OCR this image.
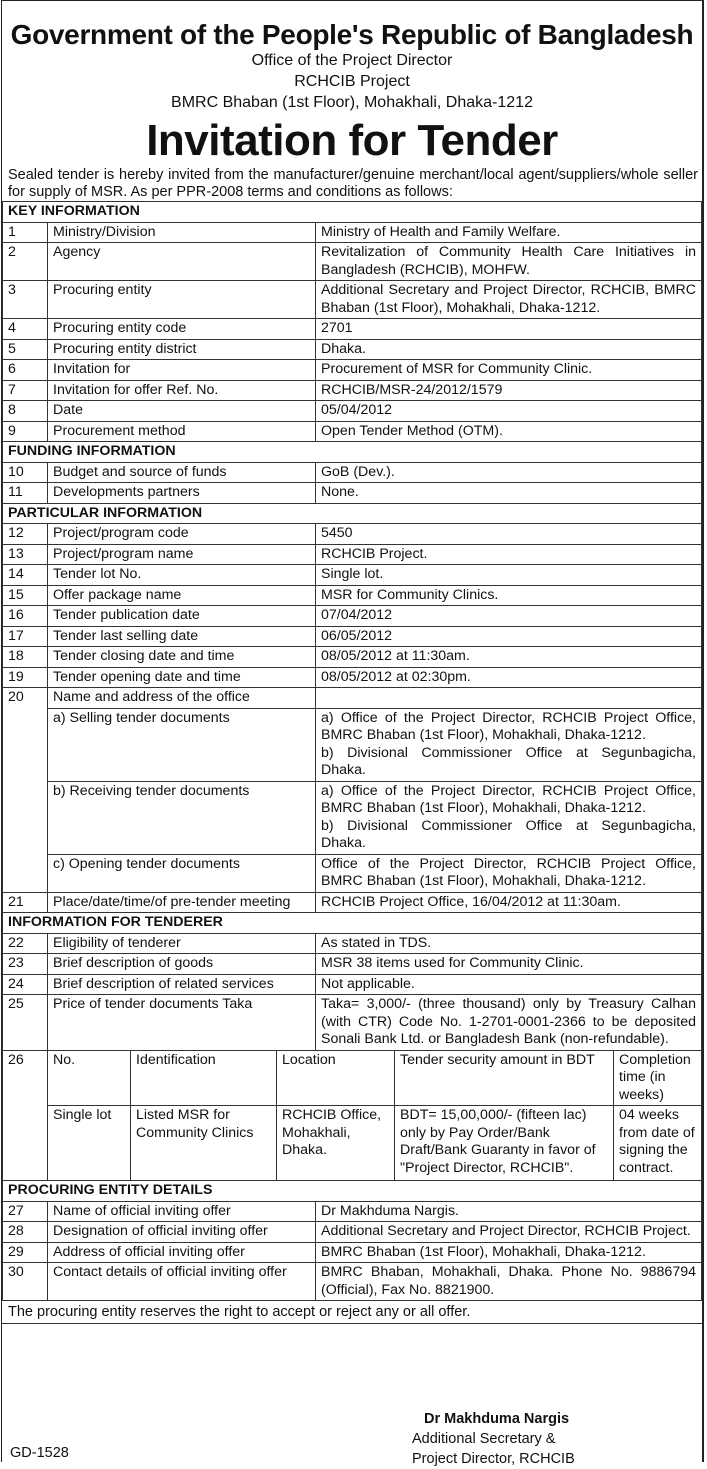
Government of the People's Republic of Bangladesh
Office of the Project Director
RCHCIB Project
BMRC Bhaban (1st Floor), Mohakhali, Dhaka-1212
Invitation for Tender
Sealed tender is hereby invited from the manufacturer/genuine merchant/local agent/suppliers/whole seller for supply of MSR. As per PPR-2008 terms and conditions as follows:
KEY INFORMATION
1	Ministry/Division	Ministry of Health and Family Welfare.
2	Agency	Revitalization of Community Health Care Initiatives in Bangladesh (RCHCIB), MOHFW.
3	Procuring entity	Additional Secretary and Project Director, RCHCIB, BMRC Bhaban (1st Floor), Mohakhali, Dhaka-1212.
4	Procuring entity code	2701
5	Procuring entity district	Dhaka.
6	Invitation for	Procurement of MSR for Community Clinic.
7	Invitation for offer Ref. No.	RCHCIB/MSR-24/2012/1579
8	Date	05/04/2012
9	Procurement method	Open Tender Method (OTM).
FUNDING INFORMATION
10	Budget and source of funds	GoB (Dev.).
11	Developments partners	None.
PARTICULAR INFORMATION
12	Project/program code	5450
13	Project/program name	RCHCIB Project.
14	Tender lot No.	Single lot.
15	Offer package name	MSR for Community Clinics.
16	Tender publication date	07/04/2012
17	Tender last selling date	06/05/2012
18	Tender closing date and time	08/05/2012 at 11:30am.
19	Tender opening date and time	08/05/2012 at 02:30pm.
20	Name and address of the office	
a) Selling tender documents	a) Office of the Project Director, RCHCIB Project Office, BMRC Bhaban (1st Floor), Mohakhali, Dhaka-1212.
b) Divisional Commissioner Office at Segunbagicha, Dhaka.

b) Receiving tender documents	a) Office of the Project Director, RCHCIB Project Office, BMRC Bhaban (1st Floor), Mohakhali, Dhaka-1212.
b) Divisional Commissioner Office at Segunbagicha, Dhaka.

c) Opening tender documents	Office of the Project Director, RCHCIB Project Office, BMRC Bhaban (1st Floor), Mohakhali, Dhaka-1212.
21	Place/date/time/of pre-tender meeting	RCHCIB Project Office, 16/04/2012 at 11:30am.
INFORMATION FOR TENDERER
22	Eligibility of tenderer	As stated in TDS.
23	Brief description of goods	MSR 38 items used for Community Clinic.
24	Brief description of related services	Not applicable.
25	Price of tender documents Taka	Taka= 3,000/- (three thousand) only by Treasury Calhan (with CTR) Code No. 1-2701-0001-2366 to be deposited Sonali Bank Ltd. or Bangladesh Bank (non-refundable).
26	No.	Identification	Location	Tender security amount in BDT	Completion time (in weeks)
Single lot	Listed MSR for Community Clinics	RCHCIB Office, Mohakhali, Dhaka.	BDT= 15,00,000/- (fifteen lac) only by Pay Order/Bank Draft/Bank Guaranty in favor of "Project Director, RCHCIB".	04 weeks from date of signing the contract.

PROCURING ENTITY DETAILS
27	Name of official inviting offer	Dr Makhduma Nargis.
28	Designation of official inviting offer	Additional Secretary and Project Director, RCHCIB Project.
29	Address of official inviting offer	BMRC Bhaban (1st Floor), Mohakhali, Dhaka-1212.
30	Contact details of official inviting offer	BMRC Bhaban, Mohakhali, Dhaka. Phone No. 9886794 (Official), Fax No. 8821900.
The procuring entity reserves the right to accept or reject any or all offer.
Dr Makhduma Nargis
Additional Secretary &
Project Director, RCHCIB
GD-1528
